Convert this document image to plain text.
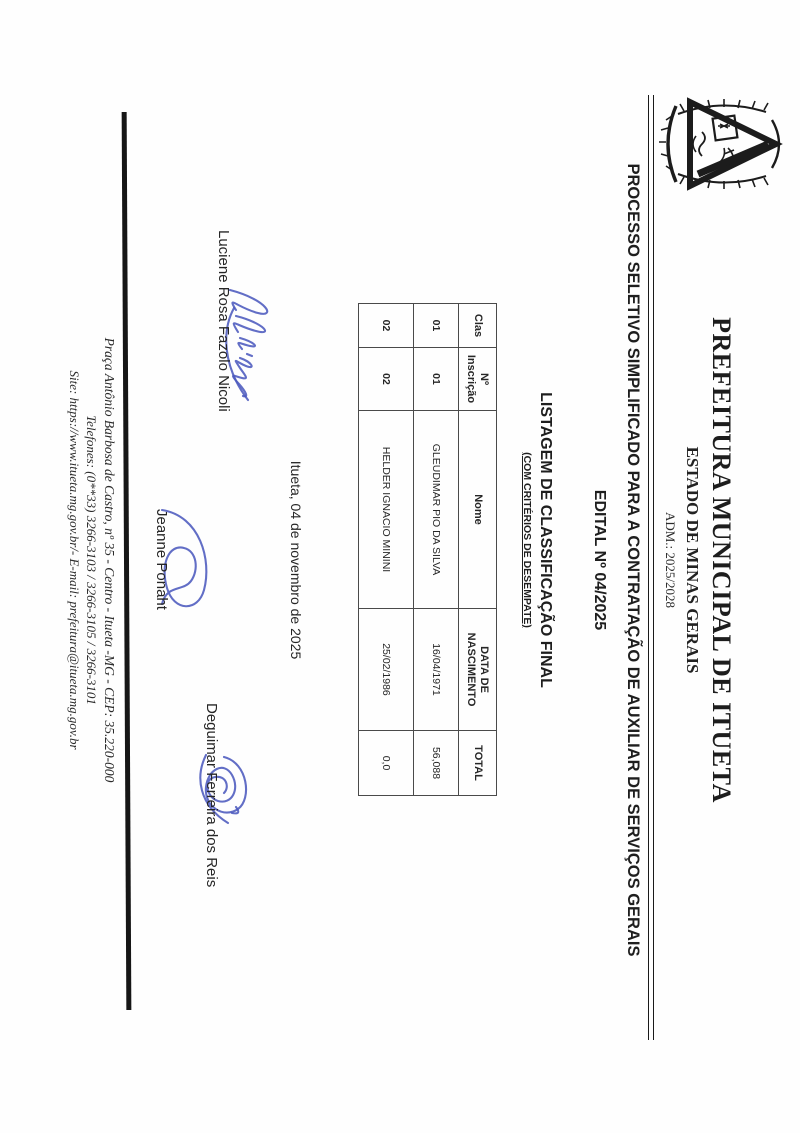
PREFEITURA MUNICIPAL DE ITUETA
ESTADO DE MINAS GERAIS
ADM.: 2025/2028
PROCESSO SELETIVO SIMPLIFICADO PARA A CONTRATAÇÃO DE AUXILIAR DE SERVIÇOS GERAIS
EDITAL Nº 04/2025
LISTAGEM DE CLASSIFICAÇÃO FINAL
(COM CRITÉRIOS DE DESEMPATE)
Clas	Nº Inscrição	Nome	DATA DE NASCIMENTO	TOTAL
01	01	GLEUDIMAR PIO DA SILVA	16/04/1971	56,088
02	02	HELDER IGNACIO MININI	25/02/1986	0,0
Itueta, 04 de novembro de 2025
Luciene Rosa Fazolo Nicoli
Jeanne Ponaht
Deguimar Ferreira dos Reis
Praça Antônio Barbosa de Castro, nº 35 - Centro - Itueta -MG - CEP: 35.220-000
Telefones: (0**33) 3266-3103 / 3266-3105 / 3266-3101
Site: https://www.itueta.mg.gov.br/- E-mail: prefeitura@itueta.mg.gov.br
